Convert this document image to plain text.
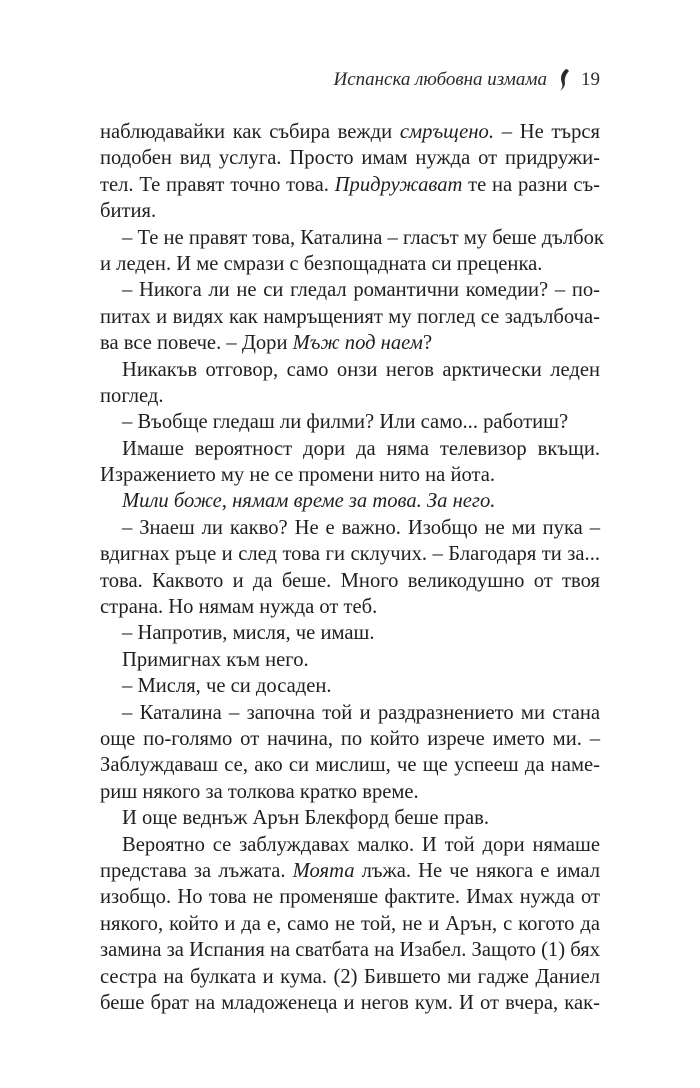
Испанска любовна измама 19
наблюдавайки как събира вежди смръщено. – Не търся
подобен вид услуга. Просто имам нужда от придружи-
тел. Те правят точно това. Придружават те на разни съ-
бития.
– Те не правят това, Каталина – гласът му беше дълбок
и леден. И ме смрази с безпощадната си преценка.
– Никога ли не си гледал романтични комедии? – по-
питах и видях как намръщеният му поглед се задълбоча-
ва все повече. – Дори Мъж под наем?
Никакъв отговор, само онзи негов арктически леден
поглед.
– Въобще гледаш ли филми? Или само... работиш?
Имаше вероятност дори да няма телевизор вкъщи.
Изражението му не се промени нито на йота.
Мили боже, нямам време за това. За него.
– Знаеш ли какво? Не е важно. Изобщо не ми пука –
вдигнах ръце и след това ги склучих. – Благодаря ти за...
това. Каквото и да беше. Много великодушно от твоя
страна. Но нямам нужда от теб.
– Напротив, мисля, че имаш.
Примигнах към него.
– Мисля, че си досаден.
– Каталина – започна той и раздразнението ми стана
още по-голямо от начина, по който изрече името ми. –
Заблуждаваш се, ако си мислиш, че ще успееш да наме-
риш някого за толкова кратко време.
И още веднъж Арън Блекфорд беше прав.
Вероятно се заблуждавах малко. И той дори нямаше
представа за лъжата. Моята лъжа. Не че някога е имал
изобщо. Но това не променяше фактите. Имах нужда от
някого, който и да е, само не той, не и Арън, с когото да
замина за Испания на сватбата на Изабел. Защото (1) бях
сестра на булката и кума. (2) Бившето ми гадже Даниел
беше брат на младоженеца и негов кум. И от вчера, как-
